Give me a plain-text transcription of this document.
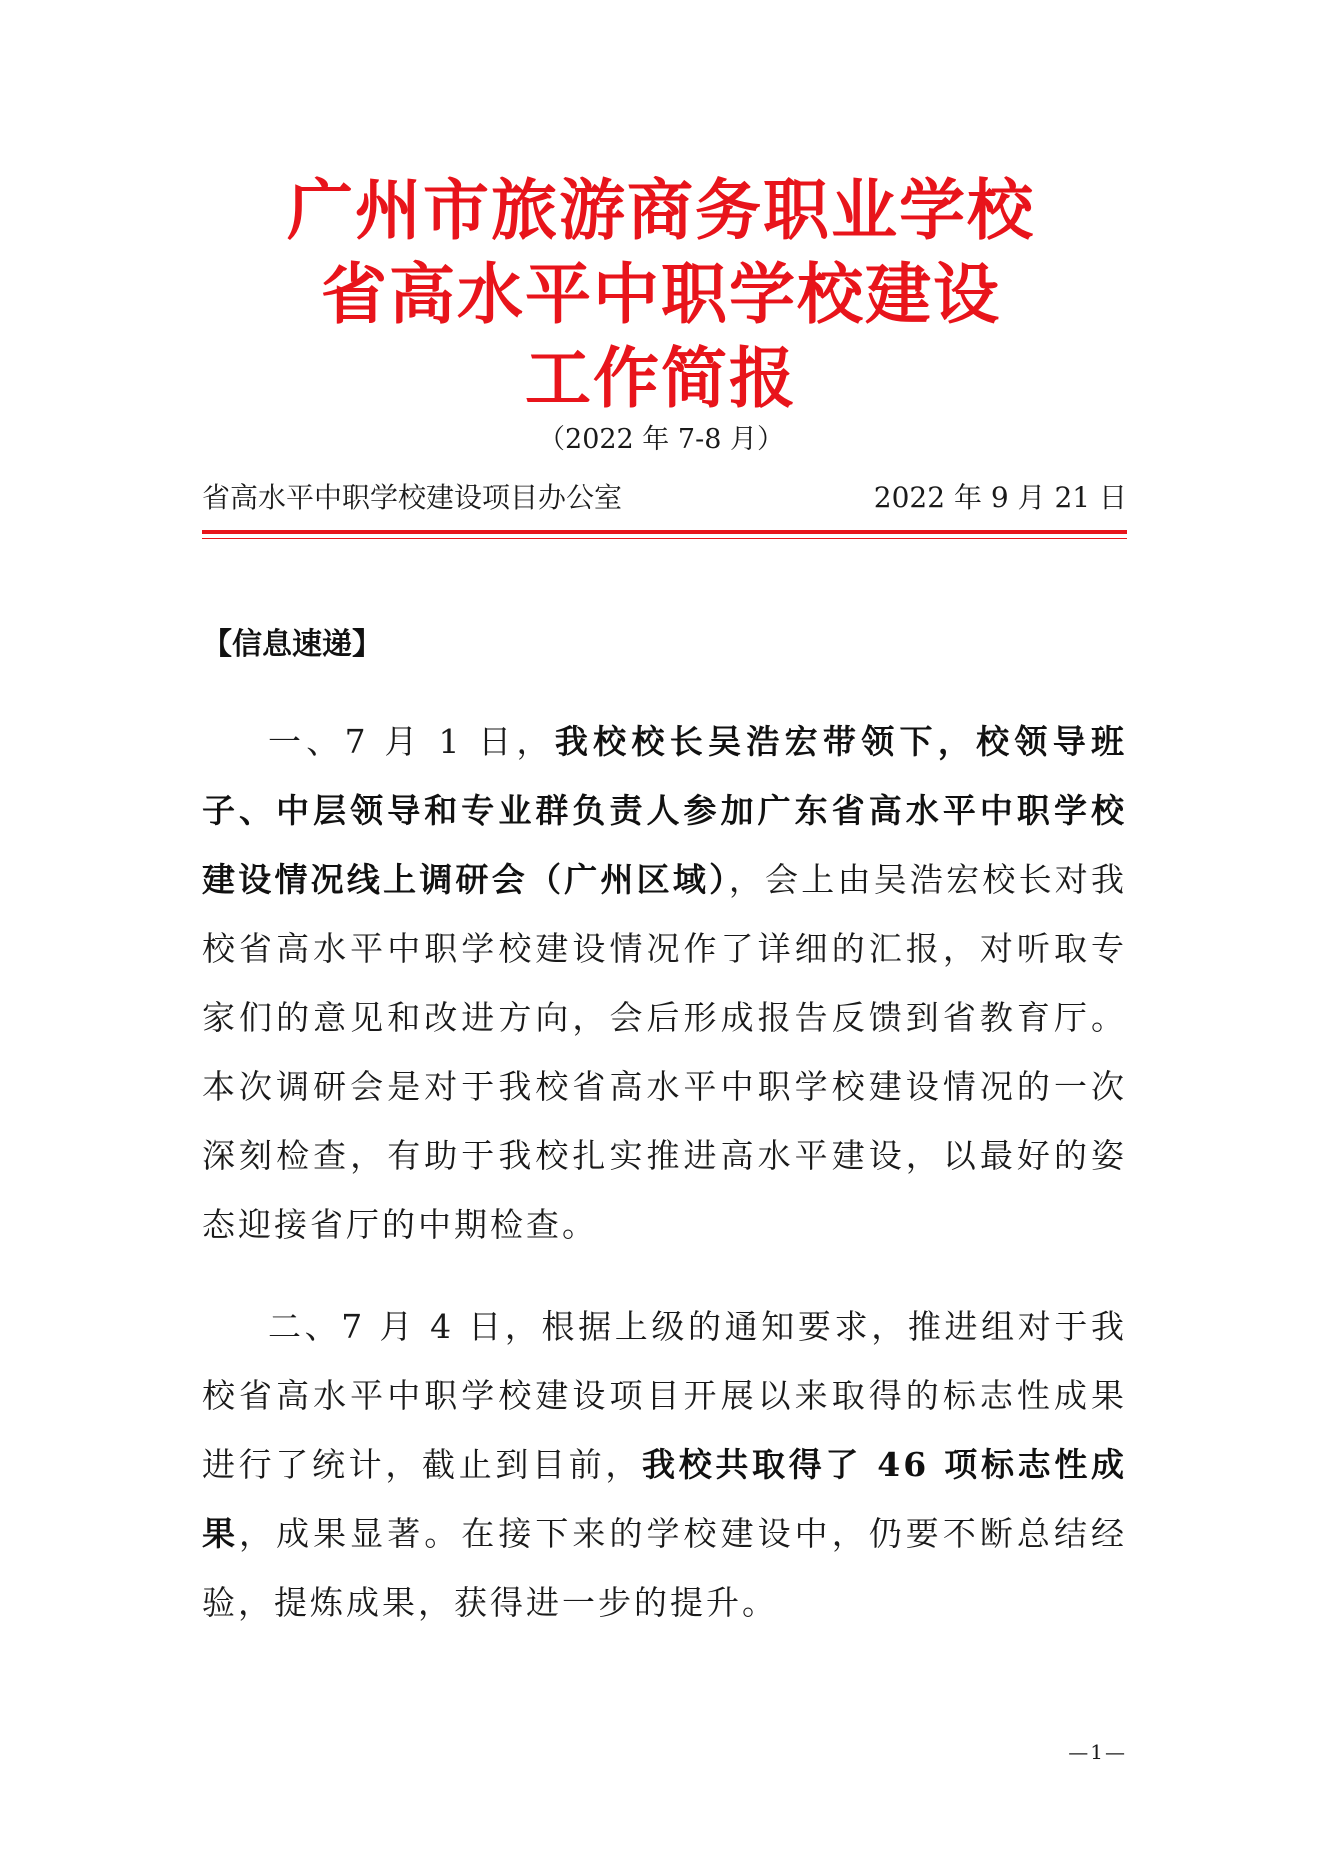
广州市旅游商务职业学校
省高水平中职学校建设
工作简报
（2022 年 7-8 月）
省高水平中职学校建设项目办公室	2022 年 9 月 21 日
【信息速递】

一、7 月 1 日，我校校长吴浩宏带领下，校领导班子、中层领导和专业群负责人参加广东省高水平中职学校建设情况线上调研会（广州区域），会上由吴浩宏校长对我校省高水平中职学校建设情况作了详细的汇报，对听取专家们的意见和改进方向，会后形成报告反馈到省教育厅。本次调研会是对于我校省高水平中职学校建设情况的一次深刻检查，有助于我校扎实推进高水平建设，以最好的姿态迎接省厅的中期检查。

二、7 月 4 日，根据上级的通知要求，推进组对于我校省高水平中职学校建设项目开展以来取得的标志性成果进行了统计，截止到目前，我校共取得了 46 项标志性成果，成果显著。在接下来的学校建设中，仍要不断总结经验，提炼成果，获得进一步的提升。

—1—
